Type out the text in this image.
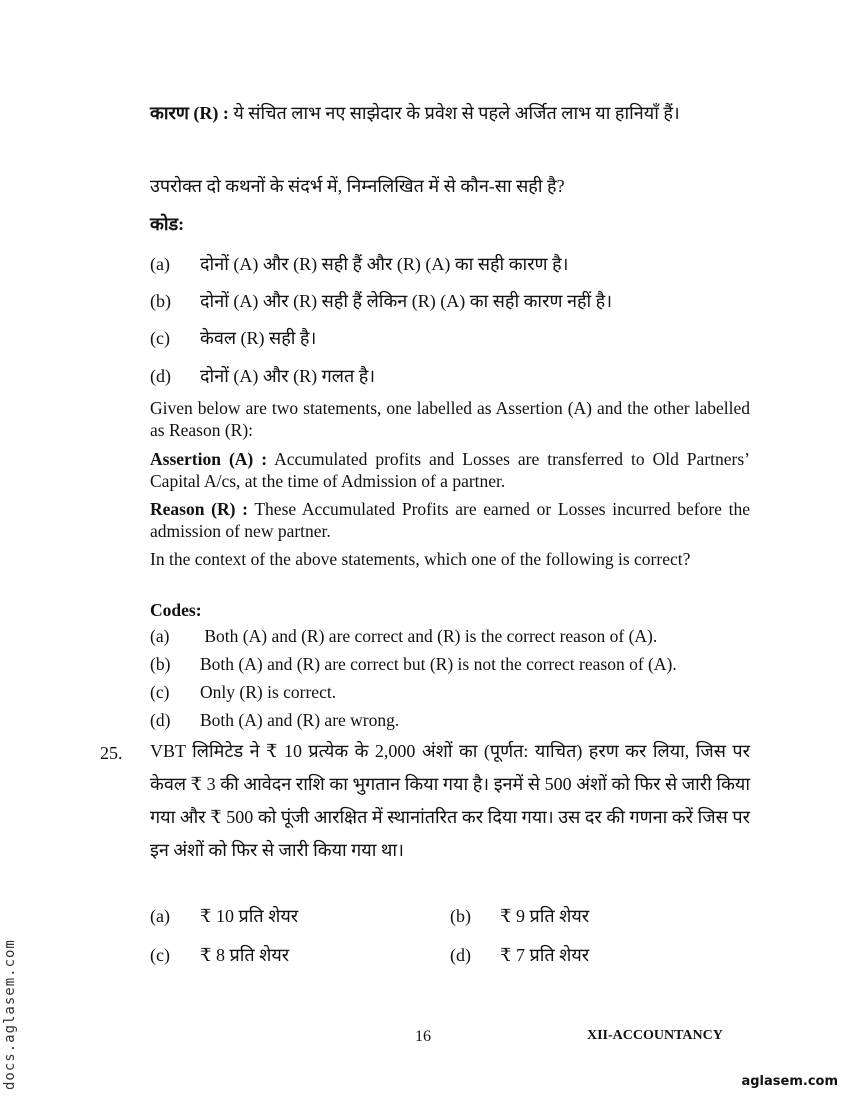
कारण (R) : ये संचित लाभ नए साझेदार के प्रवेश से पहले अर्जित लाभ या हानियाँ हैं।
उपरोक्त दो कथनों के संदर्भ में, निम्नलिखित में से कौन-सा सही है?
कोड:
(a) दोनों (A) और (R) सही हैं और (R) (A) का सही कारण है।
(b) दोनों (A) और (R) सही हैं लेकिन (R) (A) का सही कारण नहीं है।
(c) केवल (R) सही है।
(d) दोनों (A) और (R) गलत है।
Given below are two statements, one labelled as Assertion (A) and the other labelled as Reason (R):
Assertion (A) : Accumulated profits and Losses are transferred to Old Partners’ Capital A/cs, at the time of Admission of a partner.
Reason (R) : These Accumulated Profits are earned or Losses incurred before the admission of new partner.
In the context of the above statements, which one of the following is correct?
Codes:
(a) Both (A) and (R) are correct and (R) is the correct reason of (A).
(b) Both (A) and (R) are correct but (R) is not the correct reason of (A).
(c) Only (R) is correct.
(d) Both (A) and (R) are wrong.
25. VBT लिमिटेड ने ₹ 10 प्रत्येक के 2,000 अंशों का (पूर्णत: याचित) हरण कर लिया, जिस पर केवल ₹ 3 की आवेदन राशि का भुगतान किया गया है। इनमें से 500 अंशों को फिर से जारी किया गया और ₹ 500 को पूंजी आरक्षित में स्थानांतरित कर दिया गया। उस दर की गणना करें जिस पर इन अंशों को फिर से जारी किया गया था।
(a) ₹ 10 प्रति शेयर	(b) ₹ 9 प्रति शेयर
(c) ₹ 8 प्रति शेयर	(d) ₹ 7 प्रति शेयर
16	XII-ACCOUNTANCY
docs.aglasem.com	aglasem.com
